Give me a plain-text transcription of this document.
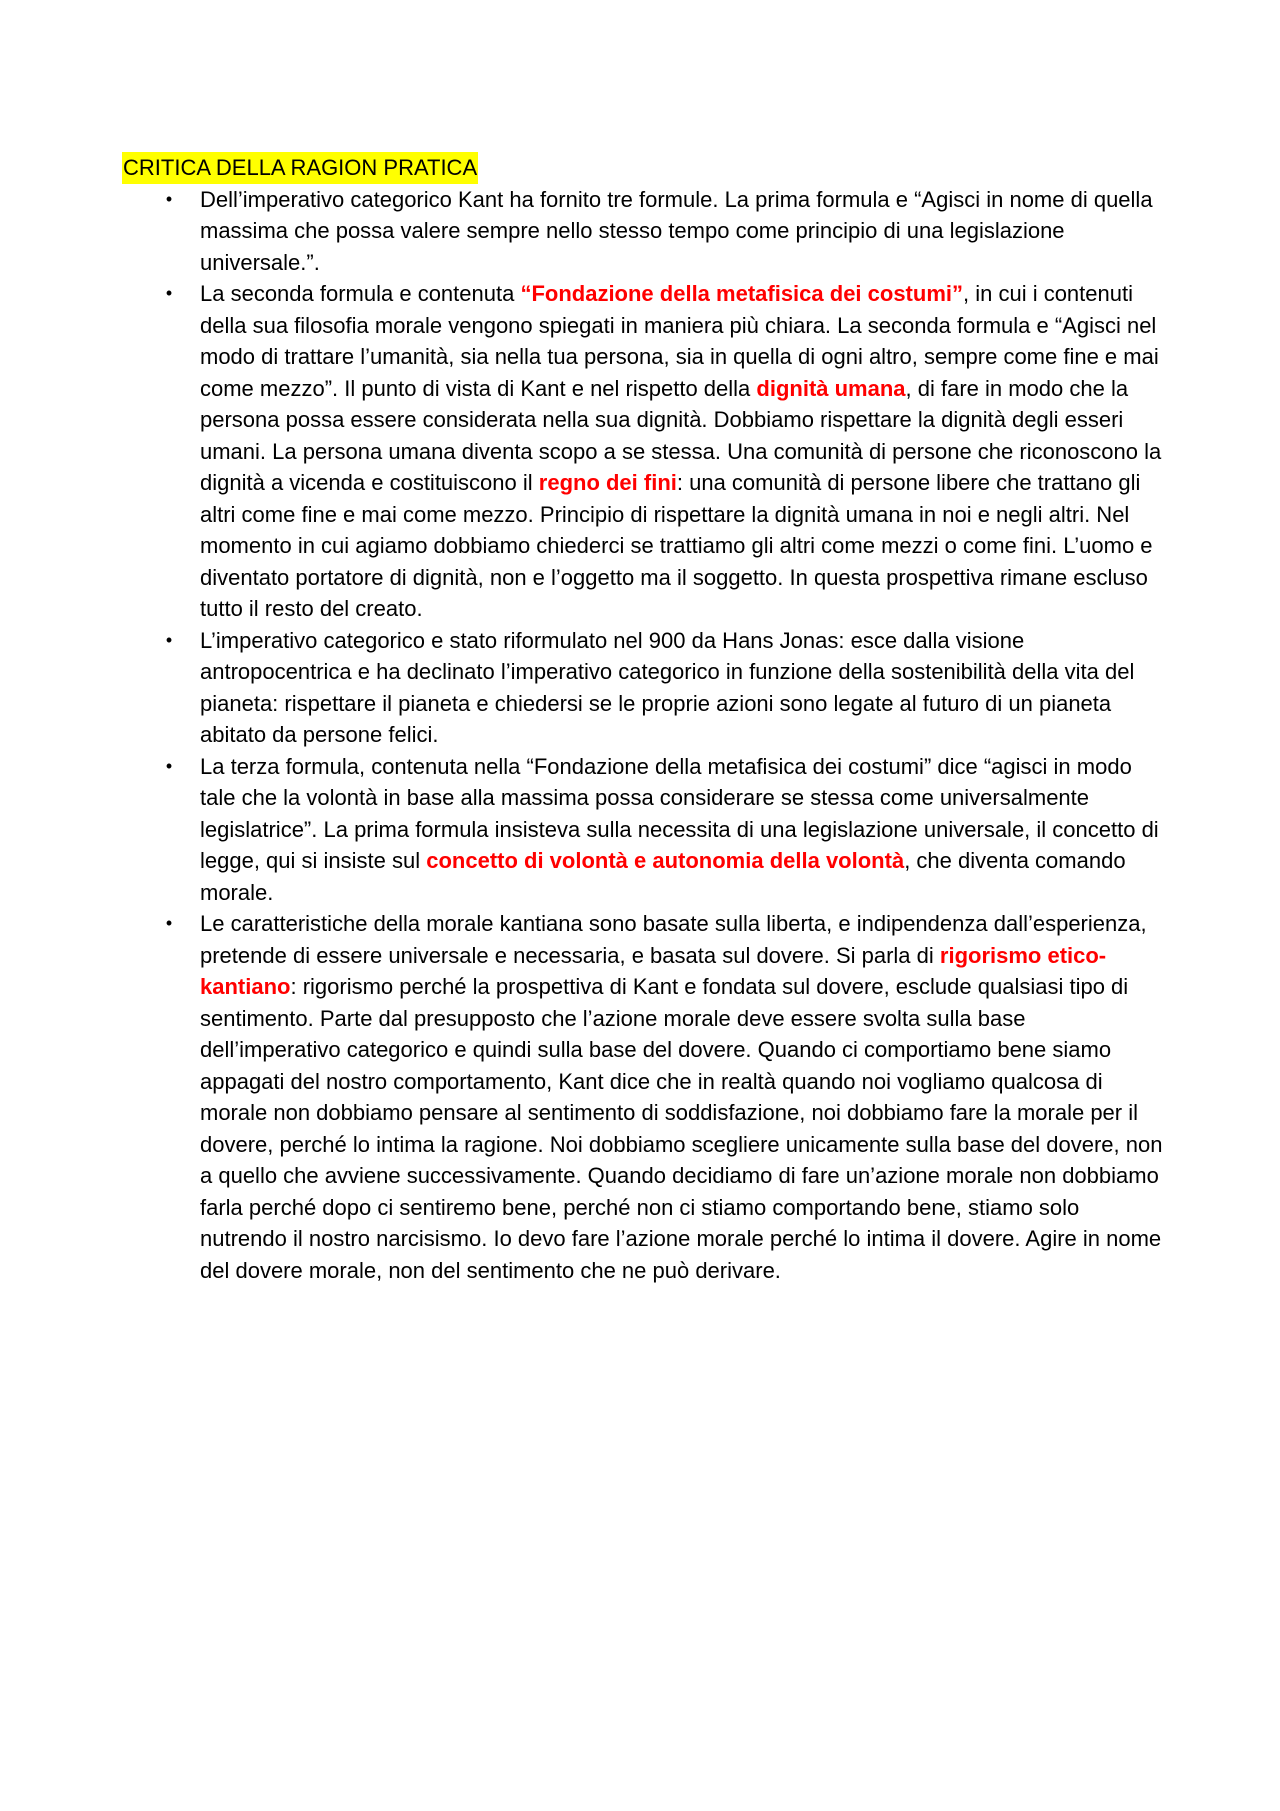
CRITICA DELLA RAGION PRATICA
• Dell’imperativo categorico Kant ha fornito tre formule. La prima formula e “Agisci in nome di quella massima che possa valere sempre nello stesso tempo come principio di una legislazione universale.”.
• La seconda formula e contenuta “Fondazione della metafisica dei costumi”, in cui i contenuti della sua filosofia morale vengono spiegati in maniera più chiara. La seconda formula e “Agisci nel modo di trattare l’umanità, sia nella tua persona, sia in quella di ogni altro, sempre come fine e mai come mezzo”. Il punto di vista di Kant e nel rispetto della dignità umana, di fare in modo che la persona possa essere considerata nella sua dignità. Dobbiamo rispettare la dignità degli esseri umani. La persona umana diventa scopo a se stessa. Una comunità di persone che riconoscono la dignità a vicenda e costituiscono il regno dei fini: una comunità di persone libere che trattano gli altri come fine e mai come mezzo. Principio di rispettare la dignità umana in noi e negli altri. Nel momento in cui agiamo dobbiamo chiederci se trattiamo gli altri come mezzi o come fini. L’uomo e diventato portatore di dignità, non e l’oggetto ma il soggetto. In questa prospettiva rimane escluso tutto il resto del creato.
• L’imperativo categorico e stato riformulato nel 900 da Hans Jonas: esce dalla visione antropocentrica e ha declinato l’imperativo categorico in funzione della sostenibilità della vita del pianeta: rispettare il pianeta e chiedersi se le proprie azioni sono legate al futuro di un pianeta abitato da persone felici.
• La terza formula, contenuta nella “Fondazione della metafisica dei costumi” dice “agisci in modo tale che la volontà in base alla massima possa considerare se stessa come universalmente legislatrice”. La prima formula insisteva sulla necessita di una legislazione universale, il concetto di legge, qui si insiste sul concetto di volontà e autonomia della volontà, che diventa comando morale.
• Le caratteristiche della morale kantiana sono basate sulla liberta, e indipendenza dall’esperienza, pretende di essere universale e necessaria, e basata sul dovere. Si parla di rigorismo etico-kantiano: rigorismo perché la prospettiva di Kant e fondata sul dovere, esclude qualsiasi tipo di sentimento. Parte dal presupposto che l’azione morale deve essere svolta sulla base dell’imperativo categorico e quindi sulla base del dovere. Quando ci comportiamo bene siamo appagati del nostro comportamento, Kant dice che in realtà quando noi vogliamo qualcosa di morale non dobbiamo pensare al sentimento di soddisfazione, noi dobbiamo fare la morale per il dovere, perché lo intima la ragione. Noi dobbiamo scegliere unicamente sulla base del dovere, non a quello che avviene successivamente. Quando decidiamo di fare un’azione morale non dobbiamo farla perché dopo ci sentiremo bene, perché non ci stiamo comportando bene, stiamo solo nutrendo il nostro narcisismo. Io devo fare l’azione morale perché lo intima il dovere. Agire in nome del dovere morale, non del sentimento che ne può derivare.
